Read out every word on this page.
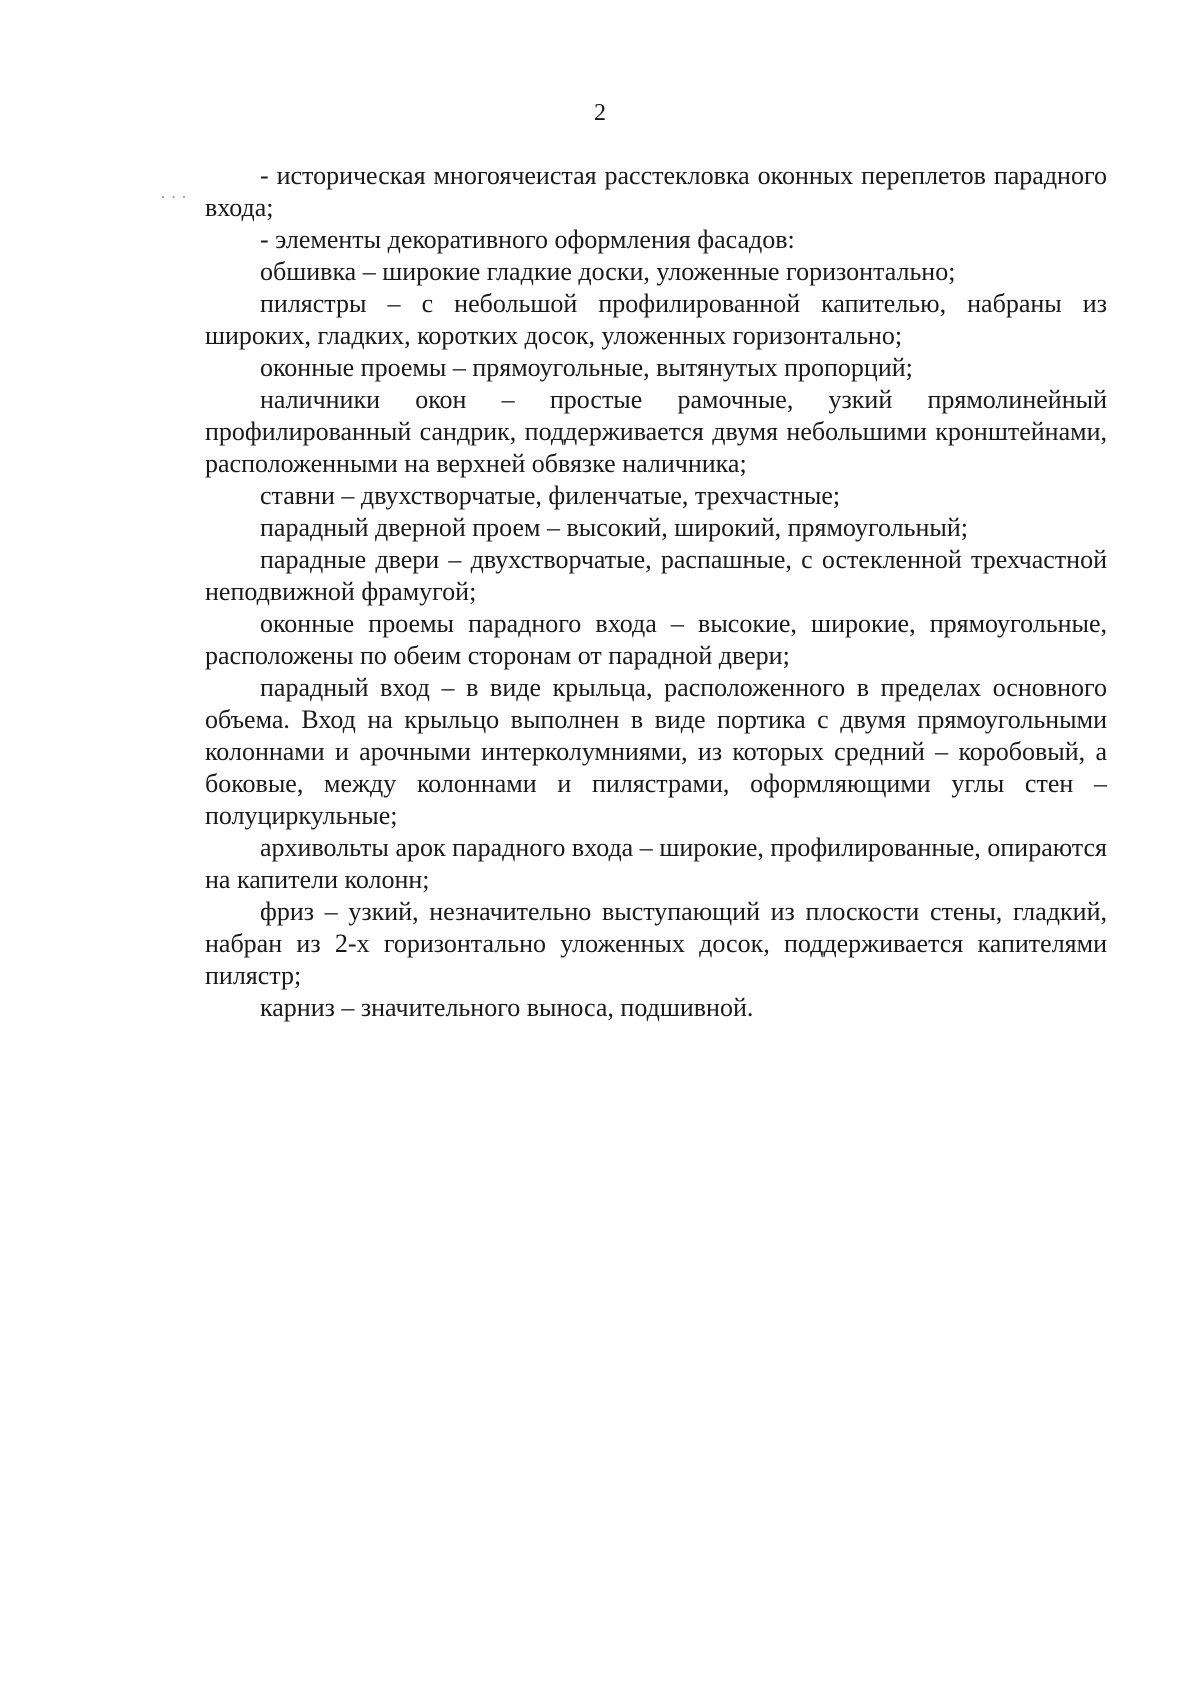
2
· · ·

- историческая многоячеистая расстекловка оконных переплетов парадного входа;

- элементы декоративного оформления фасадов:

обшивка – широкие гладкие доски, уложенные горизонтально;

пилястры – с небольшой профилированной капителью, набраны из широких, гладких, коротких досок, уложенных горизонтально;

оконные проемы – прямоугольные, вытянутых пропорций;

наличники окон – простые рамочные, узкий прямолинейный профилированный сандрик, поддерживается двумя небольшими кронштейнами, расположенными на верхней обвязке наличника;

ставни – двухстворчатые, филенчатые, трехчастные;

парадный дверной проем – высокий, широкий, прямоугольный;

парадные двери – двухстворчатые, распашные, с остекленной трехчастной неподвижной фрамугой;

оконные проемы парадного входа – высокие, широкие, прямоугольные, расположены по обеим сторонам от парадной двери;

парадный вход – в виде крыльца, расположенного в пределах основного объема. Вход на крыльцо выполнен в виде портика с двумя прямоугольными колоннами и арочными интерколумниями, из которых средний – коробовый, а боковые, между колоннами и пилястрами, оформляющими углы стен – полуциркульные;

архивольты арок парадного входа – широкие, профилированные, опираются на капители колонн;

фриз – узкий, незначительно выступающий из плоскости стены, гладкий, набран из 2-х горизонтально уложенных досок, поддерживается капителями пилястр;

карниз – значительного выноса, подшивной.
